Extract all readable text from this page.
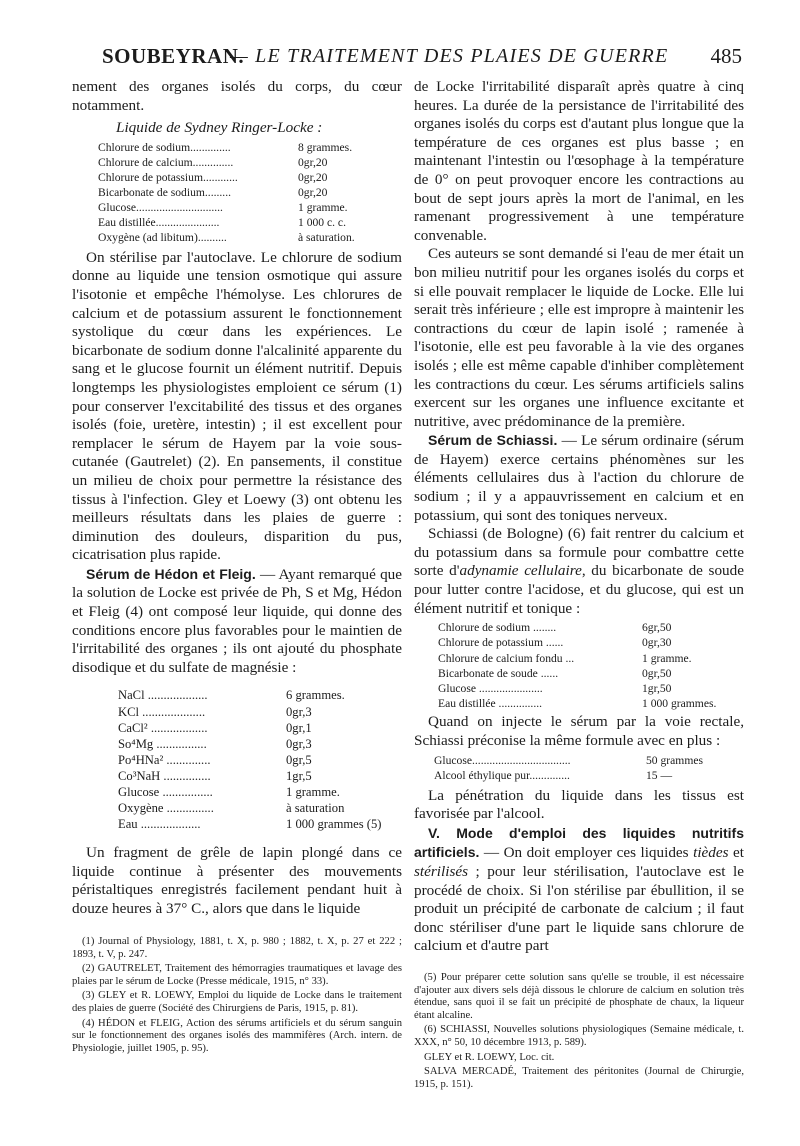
SOUBEYRAN.
— LE TRAITEMENT DES PLAIES DE GUERRE 485

nement des organes isolés du corps, du cœur notamment.

Liquide de Sydney Ringer-Locke :
Chlorure de sodium..............	8 grammes.
Chlorure de calcium..............	0gr,20
Chlorure de potassium............	0gr,20
Bicarbonate de sodium.........	0gr,20
Glucose..............................	1 gramme.
Eau distillée......................	1 000 c. c.
Oxygène (ad libitum)..........	à saturation.

On stérilise par l'autoclave. Le chlorure de sodium donne au liquide une tension osmotique qui assure l'isotonie et empêche l'hémolyse. Les chlorures de calcium et de potassium assurent le fonctionnement systolique du cœur dans les expériences. Le bicarbonate de sodium donne l'alcalinité apparente du sang et le glucose fournit un élément nutritif. Depuis longtemps les physiologistes emploient ce sérum (1) pour conserver l'excitabilité des tissus et des organes isolés (foie, uretère, intestin) ; il est excellent pour remplacer le sérum de Hayem par la voie sous-cutanée (Gautrelet) (2). En pansements, il constitue un milieu de choix pour permettre la résistance des tissus à l'infection. Gley et Loewy (3) ont obtenu les meilleurs résultats dans les plaies de guerre : diminution des douleurs, disparition du pus, cicatrisation plus rapide.

Sérum de Hédon et Fleig. — Ayant remarqué que la solution de Locke est privée de Ph, S et Mg, Hédon et Fleig (4) ont composé leur liquide, qui donne des conditions encore plus favorables pour le maintien de l'irritabilité des organes ; ils ont ajouté du phosphate disodique et du sulfate de magnésie :

NaCl ...................	6 grammes.
KCl ....................	0gr,3
CaCl² ..................	0gr,1
So⁴Mg ................	0gr,3
Po⁴HNa² ..............	0gr,5
Co³NaH ...............	1gr,5
Glucose ................	1 gramme.
Oxygène ...............	à saturation
Eau ...................	1 000 grammes (5)

Un fragment de grêle de lapin plongé dans ce liquide continue à présenter des mouvements péristaltiques enregistrés facilement pendant huit à douze heures à 37° C., alors que dans le liquide

(1) Journal of Physiology, 1881, t. X, p. 980 ; 1882, t. X, p. 27 et 222 ; 1893, t. V, p. 247.

(2) GAUTRELET, Traitement des hémorragies traumatiques et lavage des plaies par le sérum de Locke (Presse médicale, 1915, n° 33).

(3) GLEY et R. LOEWY, Emploi du liquide de Locke dans le traitement des plaies de guerre (Société des Chirurgiens de Paris, 1915, p. 81).

(4) HÉDON et FLEIG, Action des sérums artificiels et du sérum sanguin sur le fonctionnement des organes isolés des mammifères (Arch. intern. de Physiologie, juillet 1905, p. 95).

de Locke l'irritabilité disparaît après quatre à cinq heures. La durée de la persistance de l'irritabilité des organes isolés du corps est d'autant plus longue que la température de ces organes est plus basse ; en maintenant l'intestin ou l'œsophage à la température de 0° on peut provoquer encore les contractions au bout de sept jours après la mort de l'animal, en les ramenant progressivement à une température convenable.

Ces auteurs se sont demandé si l'eau de mer était un bon milieu nutritif pour les organes isolés du corps et si elle pouvait remplacer le liquide de Locke. Elle lui serait très inférieure ; elle est impropre à maintenir les contractions du cœur de lapin isolé ; ramenée à l'isotonie, elle est peu favorable à la vie des organes isolés ; elle est même capable d'inhiber complètement les contractions du cœur. Les sérums artificiels salins exercent sur les organes une influence excitante et nutritive, avec prédominance de la première.

Sérum de Schiassi. — Le sérum ordinaire (sérum de Hayem) exerce certains phénomènes sur les éléments cellulaires dus à l'action du chlorure de sodium ; il y a appauvrissement en calcium et en potassium, qui sont des toniques nerveux.

Schiassi (de Bologne) (6) fait rentrer du calcium et du potassium dans sa formule pour combattre cette sorte d'adynamie cellulaire, du bicarbonate de soude pour lutter contre l'acidose, et du glucose, qui est un élément nutritif et tonique :

Chlorure de sodium ........	6gr,50
Chlorure de potassium ......	0gr,30
Chlorure de calcium fondu ...	1 gramme.
Bicarbonate de soude ......	0gr,50
Glucose ......................	1gr,50
Eau distillée ...............	1 000 grammes.

Quand on injecte le sérum par la voie rectale, Schiassi préconise la même formule avec en plus :

Glucose..................................	50 grammes
Alcool éthylique pur..............	15 —

La pénétration du liquide dans les tissus est favorisée par l'alcool.

V. Mode d'emploi des liquides nutritifs artificiels. — On doit employer ces liquides tièdes et stérilisés ; pour leur stérilisation, l'autoclave est le procédé de choix. Si l'on stérilise par ébullition, il se produit un précipité de carbonate de calcium ; il faut donc stériliser d'une part le liquide sans chlorure de calcium et d'autre part

(5) Pour préparer cette solution sans qu'elle se trouble, il est nécessaire d'ajouter aux divers sels déjà dissous le chlorure de calcium en solution très étendue, sans quoi il se fait un précipité de phosphate de chaux, la liqueur étant alcaline.

(6) SCHIASSI, Nouvelles solutions physiologiques (Semaine médicale, t. XXX, n° 50, 10 décembre 1913, p. 589).

GLEY et R. LOEWY, Loc. cit.

SALVA MERCADÉ, Traitement des péritonites (Journal de Chirurgie, 1915, p. 151).
